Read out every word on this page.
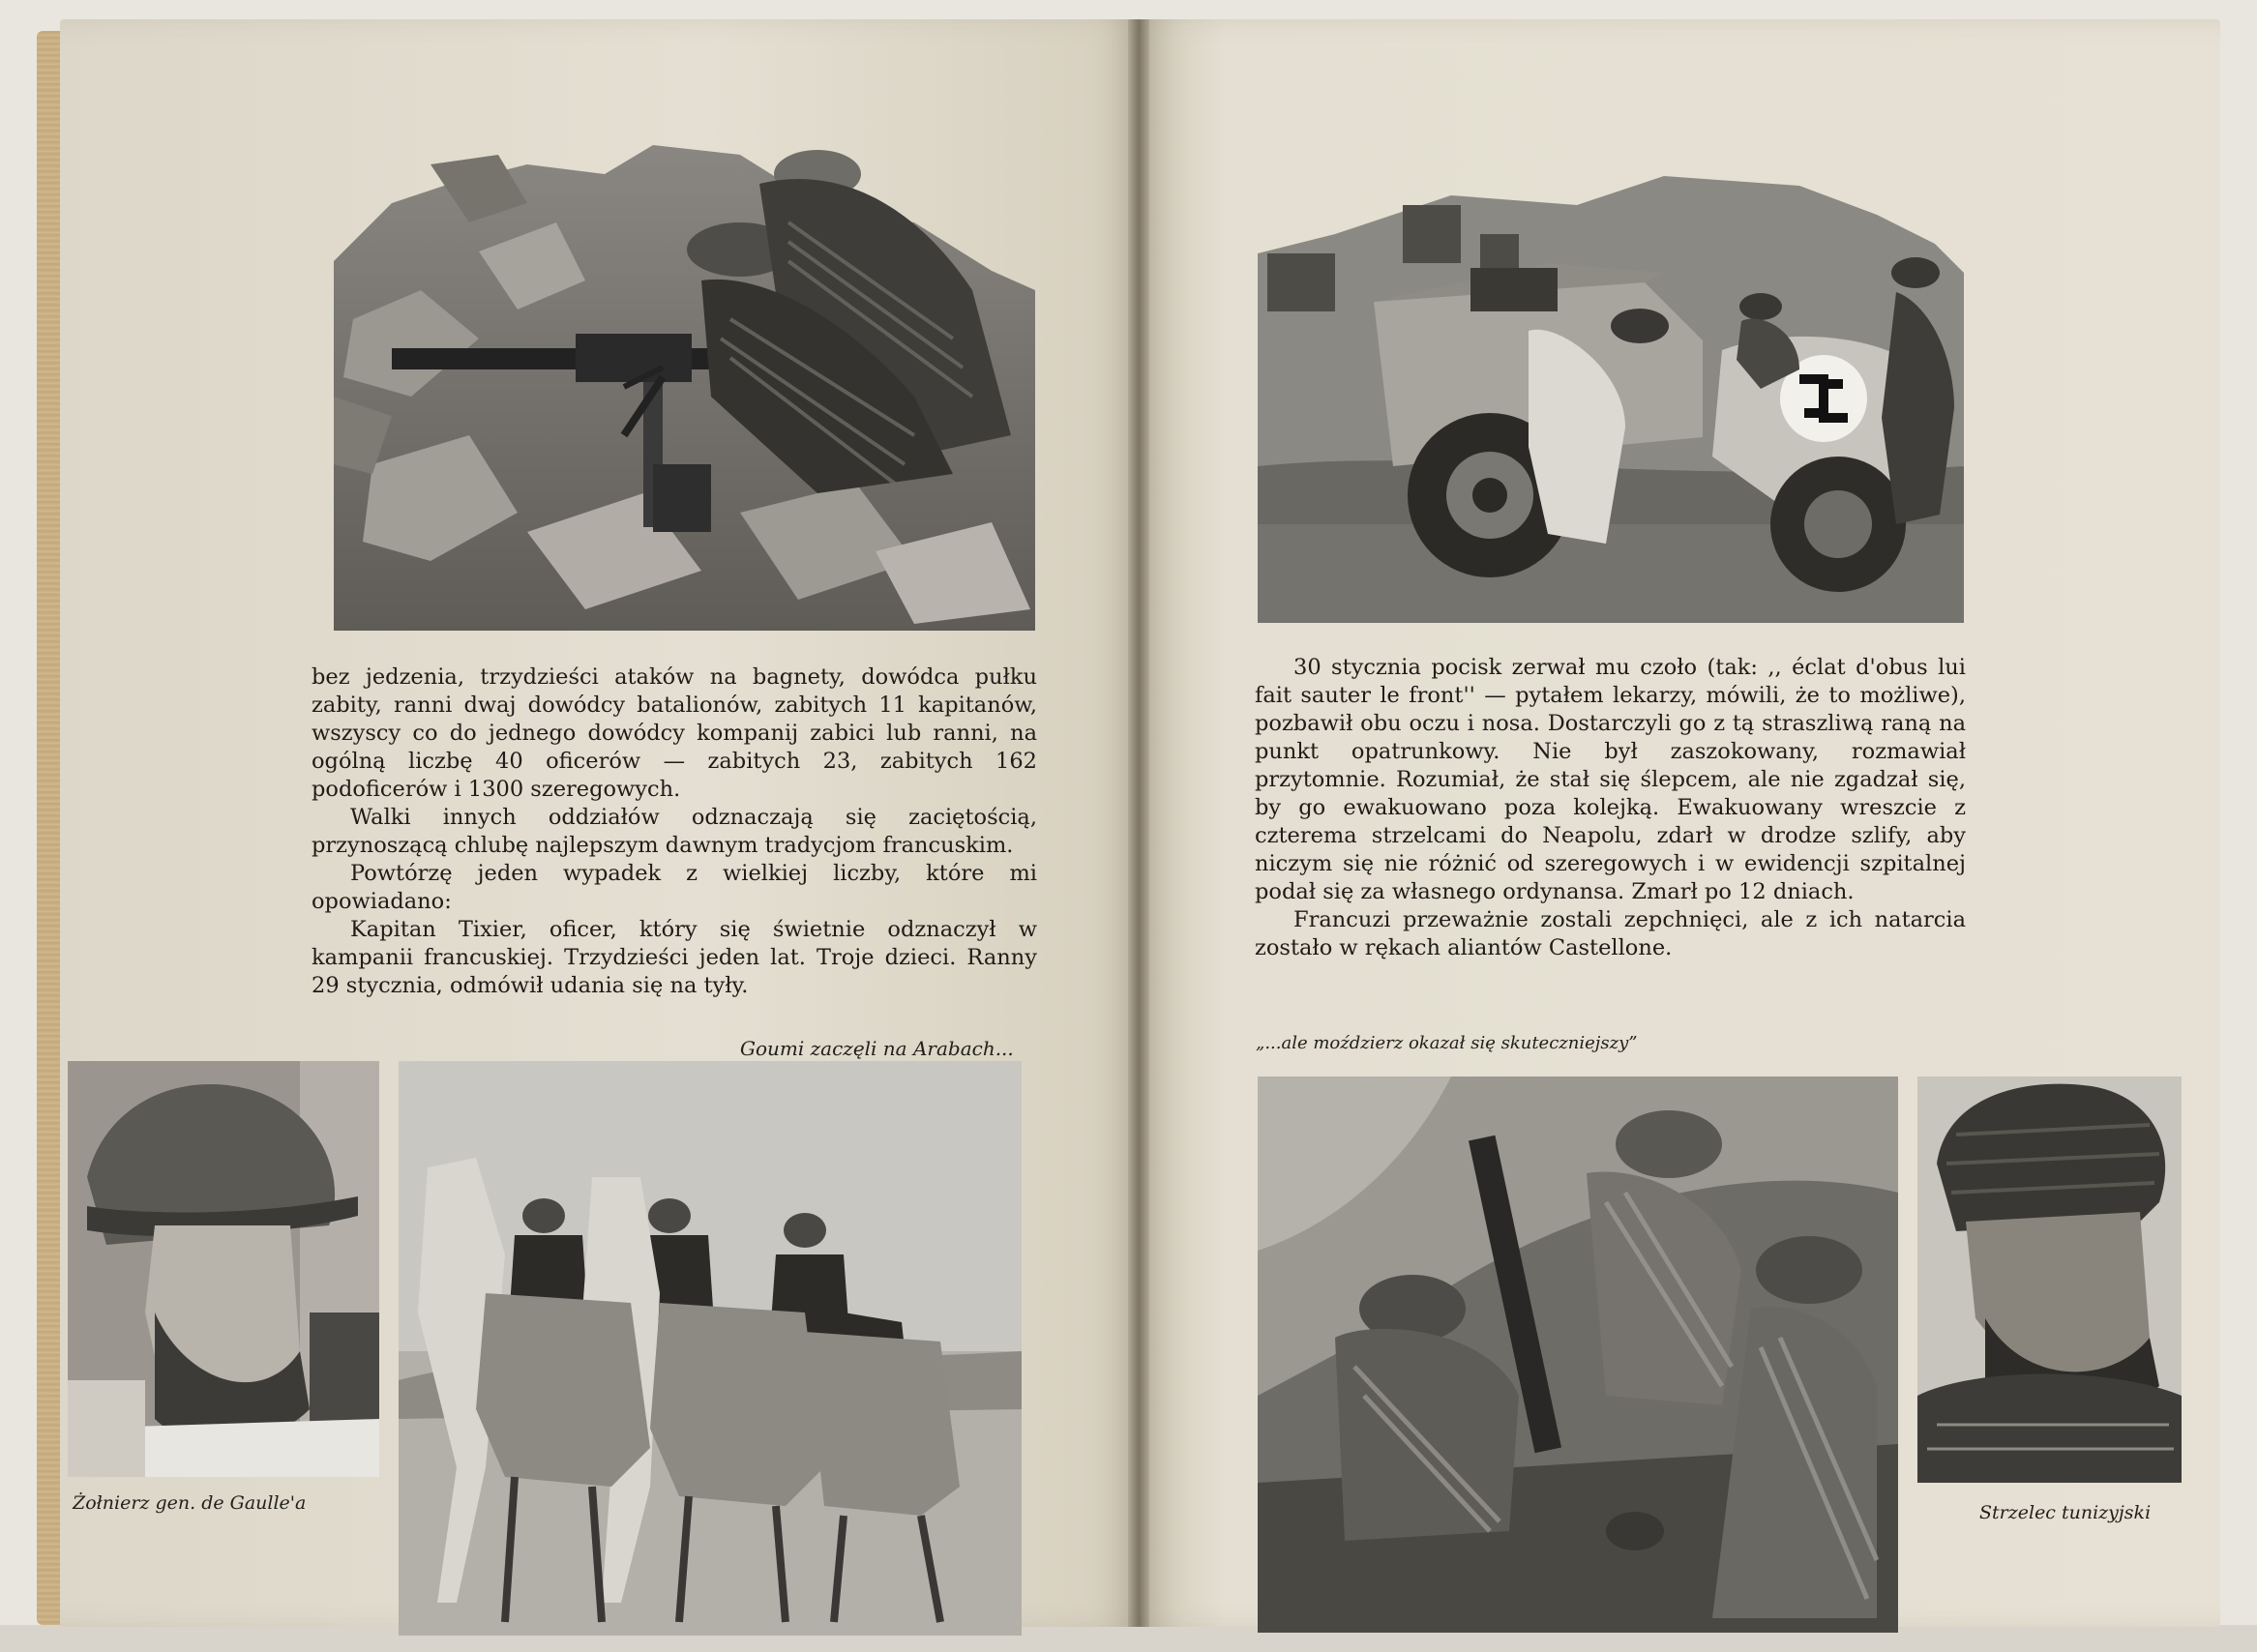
bez jedzenia, trzydzieści ataków na bagnety, dowódca pułku zabity, ranni dwaj dowódcy batalionów, zabitych 11 kapitanów, wszyscy co do jednego dowódcy kompanij zabici lub ranni, na ogólną liczbę 40 oficerów — zabitych 23, zabitych 162 podoficerów i 1300 szeregowych.

Walki innych oddziałów odznaczają się zaciętością, przynoszącą chlubę najlepszym dawnym tradycjom francuskim.

Powtórzę jeden wypadek z wielkiej liczby, które mi opowiadano:

Kapitan Tixier, oficer, który się świetnie odznaczył w kampanii francuskiej. Trzydzieści jeden lat. Troje dzieci. Ranny 29 stycznia, odmówił udania się na tyły.

Goumi zaczęli na Arabach...
Żołnierz gen. de Gaulle'a

30 stycznia pocisk zerwał mu czoło (tak: ,, éclat d'obus lui fait sauter le front'' — pytałem lekarzy, mówili, że to możliwe), pozbawił obu oczu i nosa. Dostarczyli go z tą straszliwą raną na punkt opatrunkowy. Nie był zaszokowany, rozmawiał przytomnie. Rozumiał, że stał się ślepcem, ale nie zgadzał się, by go ewakuowano poza kolejką. Ewakuowany wreszcie z czterema strzelcami do Neapolu, zdarł w drodze szlify, aby niczym się nie różnić od szeregowych i w ewidencji szpitalnej podał się za własnego ordynansa. Zmarł po 12 dniach.

Francuzi przeważnie zostali zepchnięci, ale z ich natarcia zostało w rękach aliantów Castellone.

„...ale moździerz okazał się skuteczniejszy”
Strzelec tunizyjski
